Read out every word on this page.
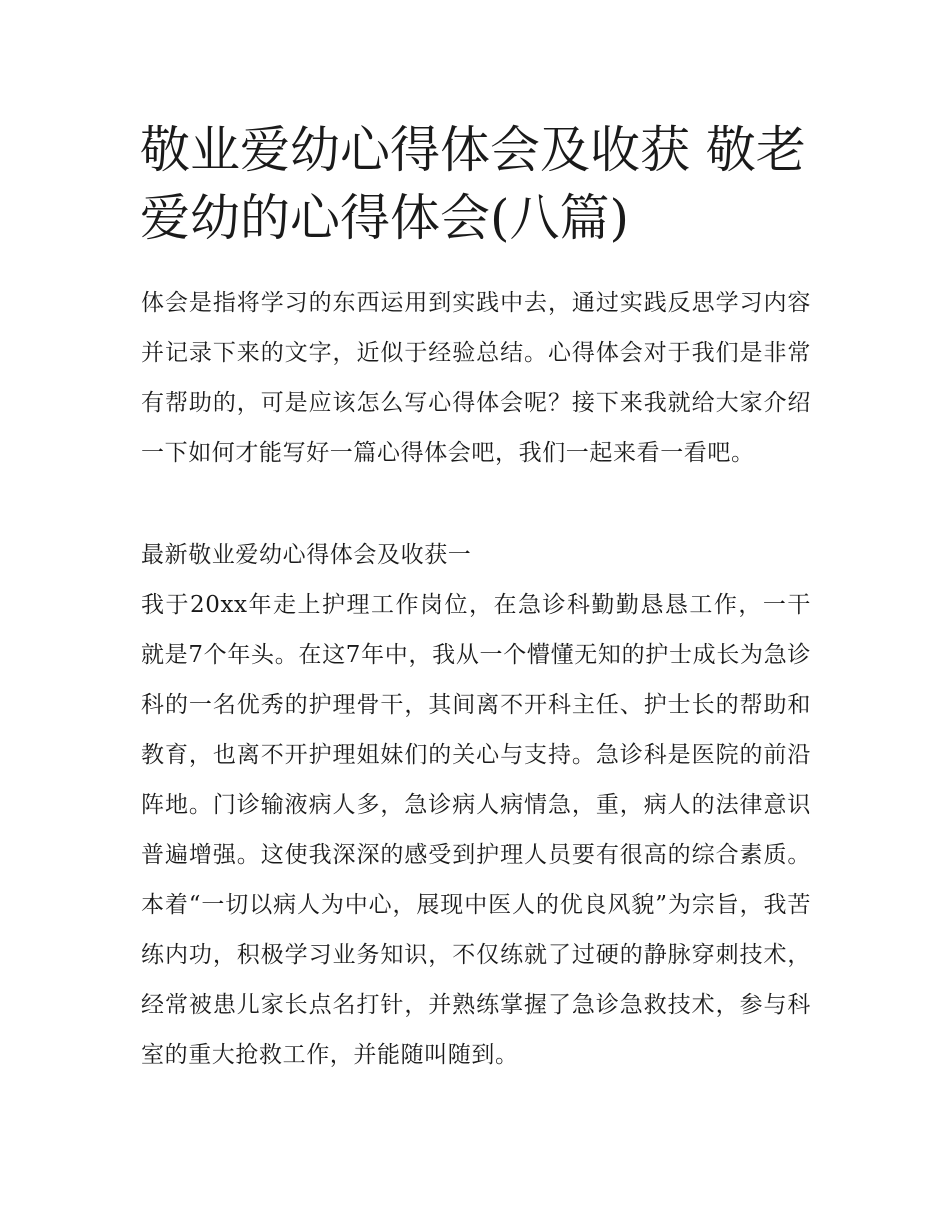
敬业爱幼心得体会及收获 敬老爱幼的心得体会(八篇)

体会是指将学习的东西运用到实践中去，通过实践反思学习内容并记录下来的文字，近似于经验总结。心得体会对于我们是非常有帮助的，可是应该怎么写心得体会呢？接下来我就给大家介绍一下如何才能写好一篇心得体会吧，我们一起来看一看吧。

最新敬业爱幼心得体会及收获一

我于20xx年走上护理工作岗位，在急诊科勤勤恳恳工作，一干就是7个年头。在这7年中，我从一个懵懂无知的护士成长为急诊科的一名优秀的护理骨干，其间离不开科主任、护士长的帮助和教育，也离不开护理姐妹们的关心与支持。急诊科是医院的前沿阵地。门诊输液病人多，急诊病人病情急，重，病人的法律意识普遍增强。这使我深深的感受到护理人员要有很高的综合素质。本着“一切以病人为中心，展现中医人的优良风貌”为宗旨，我苦练内功，积极学习业务知识，不仅练就了过硬的静脉穿刺技术，经常被患儿家长点名打针，并熟练掌握了急诊急救技术，参与科室的重大抢救工作，并能随叫随到。
